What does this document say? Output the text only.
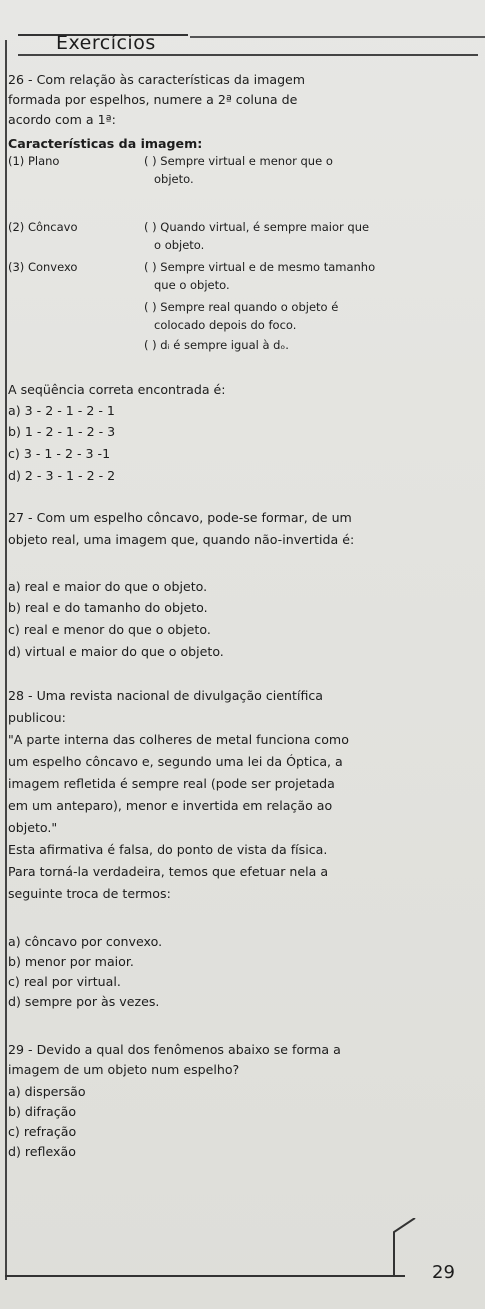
Exercícios
26 - Com relação às características da imagem
formada por espelhos, numere a 2ª coluna de
acordo com a 1ª:
Características da imagem:
(1) Plano
(2) Côncavo
(3) Convexo
( ) Sempre virtual e menor que o
objeto.
( ) Quando virtual, é sempre maior que
o objeto.
( ) Sempre virtual e de mesmo tamanho
que o objeto.
( ) Sempre real quando o objeto é
colocado depois do foco.
( ) dᵢ é sempre igual à dₒ.
A seqüência correta encontrada é:
a) 3 - 2 - 1 - 2 - 1
b) 1 - 2 - 1 - 2 - 3
c) 3 - 1 - 2 - 3 -1
d) 2 - 3 - 1 - 2 - 2
27 - Com um espelho côncavo, pode-se formar, de um
objeto real, uma imagem que, quando não-invertida é:
a) real e maior do que o objeto.
b) real e do tamanho do objeto.
c) real e menor do que o objeto.
d) virtual e maior do que o objeto.
28 - Uma revista nacional de divulgação científica
publicou:
"A parte interna das colheres de metal funciona como
um espelho côncavo e, segundo uma lei da Óptica, a
imagem refletida é sempre real (pode ser projetada
em um anteparo), menor e invertida em relação ao
objeto."
Esta afirmativa é falsa, do ponto de vista da física.
Para torná-la verdadeira, temos que efetuar nela a
seguinte troca de termos:
a) côncavo por convexo.
b) menor por maior.
c) real por virtual.
d) sempre por às vezes.
29 - Devido a qual dos fenômenos abaixo se forma a
imagem de um objeto num espelho?
a) dispersão
b) difração
c) refração
d) reflexão
29
